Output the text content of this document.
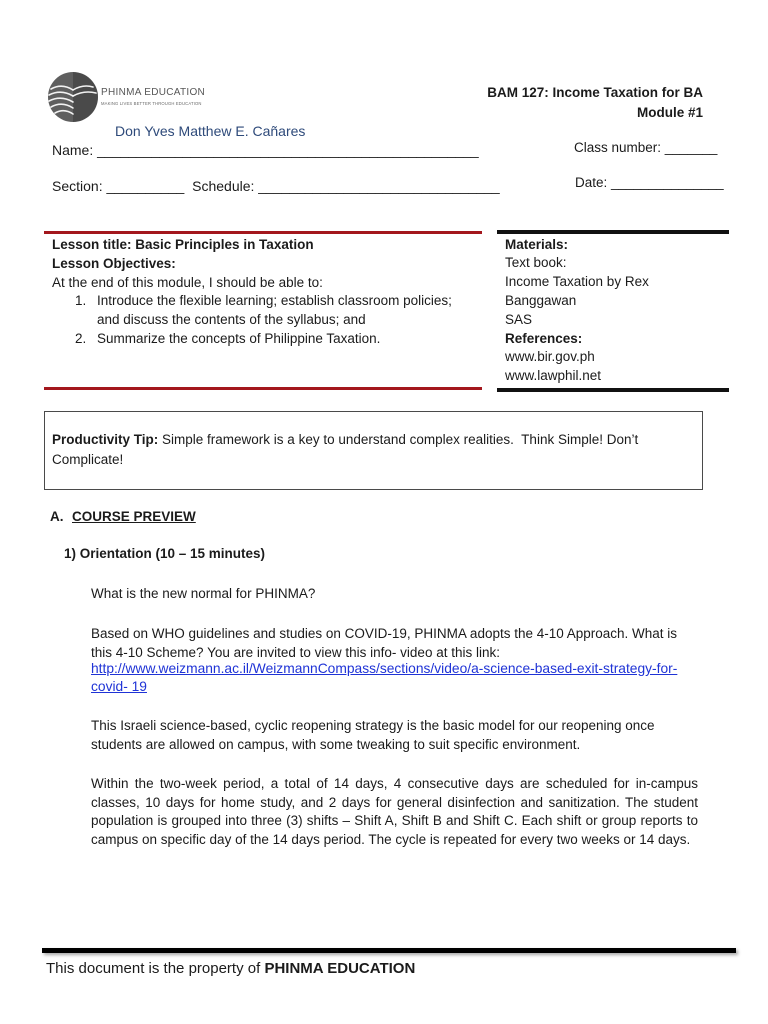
PHINMA EDUCATION
MAKING LIVES BETTER THROUGH EDUCATION
BAM 127: Income Taxation for BA
Module #1
Don Yves Matthew E. Cañares
Name: _________________________________________________	Class number: _______
Section: __________  Schedule: _______________________________	Date: _______________
Lesson title: Basic Principles in Taxation
Lesson Objectives:
At the end of this module, I should be able to:
1. Introduce the flexible learning; establish classroom policies; and discuss the contents of the syllabus; and
2. Summarize the concepts of Philippine Taxation.
Materials:
Text book:
Income Taxation by Rex Banggawan
SAS
References:
www.bir.gov.ph
www.lawphil.net
Productivity Tip: Simple framework is a key to understand complex realities.  Think Simple! Don’t Complicate!
A. COURSE PREVIEW
1) Orientation (10 – 15 minutes)

What is the new normal for PHINMA?

Based on WHO guidelines and studies on COVID-19, PHINMA adopts the 4-10 Approach. What is this 4-10 Scheme? You are invited to view this info- video at this link:

http://www.weizmann.ac.il/WeizmannCompass/sections/video/a-science-based-exit-strategy-for-covid- 19

This Israeli science-based, cyclic reopening strategy is the basic model for our reopening once students are allowed on campus, with some tweaking to suit specific environment.

Within the two-week period, a total of 14 days, 4 consecutive days are scheduled for in-campus classes, 10 days for home study, and 2 days for general disinfection and sanitization. The student population is grouped into three (3) shifts – Shift A, Shift B and Shift C. Each shift or group reports to campus on specific day of the 14 days period. The cycle is repeated for every two weeks or 14 days.

This document is the property of PHINMA EDUCATION
